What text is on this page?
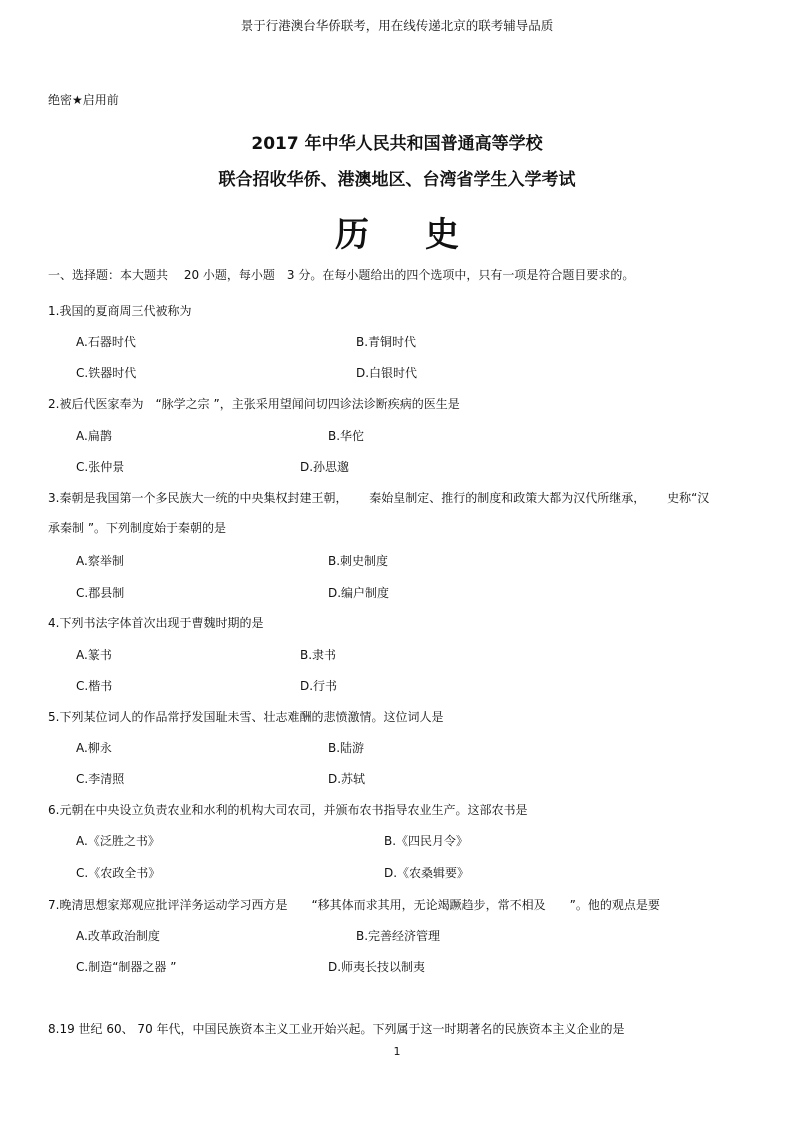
景于行港澳台华侨联考，用在线传递北京的联考辅导品质
绝密★启用前
2017 年中华人民共和国普通高等学校
联合招收华侨、港澳地区、台湾省学生入学考试
历史
一、选择题：本大题共　 20 小题，每小题　3 分。在每小题给出的四个选项中，只有一项是符合题目要求的。
1.我国的夏商周三代被称为
A.石器时代	B.青铜时代
C.铁器时代	D.白银时代
2.被后代医家奉为　“脉学之宗 ”，主张采用望闻问切四诊法诊断疾病的医生是
A.扁鹊	B.华佗
C.张仲景	D.孙思邈
3.秦朝是我国第一个多民族大一统的中央集权封建王朝，　　 秦始皇制定、推行的制度和政策大都为汉代所继承，　　 史称“汉
承秦制 ”。下列制度始于秦朝的是
A.察举制	B.刺史制度
C.郡县制	D.编户制度
4.下列书法字体首次出现于曹魏时期的是
A.篆书	B.隶书
C.楷书	D.行书
5.下列某位词人的作品常抒发国耻未雪、壮志难酬的悲愤激情。这位词人是
A.柳永	B.陆游
C.李清照	D.苏轼
6.元朝在中央设立负责农业和水利的机构大司农司，并颁布农书指导农业生产。这部农书是
A.《泛胜之书》	B.《四民月令》
C.《农政全书》	D.《农桑辑要》
7.晚清思想家郑观应批评洋务运动学习西方是　　“移其体而求其用，无论竭蹶趋步，常不相及　　”。他的观点是要
A.改革政治制度	B.完善经济管理
C.制造“制器之器 ”	D.师夷长技以制夷
8.19 世纪 60、 70 年代，中国民族资本主义工业开始兴起。下列属于这一时期著名的民族资本主义企业的是
1
